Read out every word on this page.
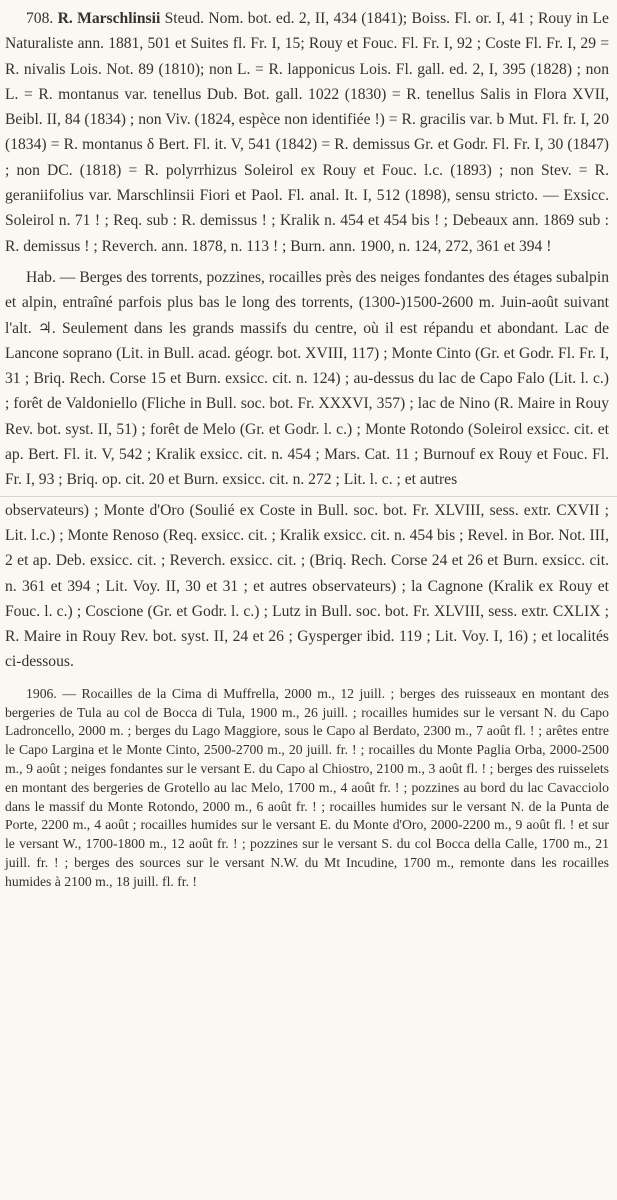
708. R. Marschlinsii Steud. Nom. bot. ed. 2, II, 434 (1841); Boiss. Fl. or. I, 41 ; Rouy in Le Naturaliste ann. 1881, 501 et Suites fl. Fr. I, 15; Rouy et Fouc. Fl. Fr. I, 92 ; Coste Fl. Fr. I, 29 = R. nivalis Lois. Not. 89 (1810); non L. = R. lapponicus Lois. Fl. gall. ed. 2, I, 395 (1828) ; non L. = R. montanus var. tenellus Dub. Bot. gall. 1022 (1830) = R. tenellus Salis in Flora XVII, Beibl. II, 84 (1834) ; non Viv. (1824, espèce non identifiée !) = R. gracilis var. b Mut. Fl. fr. I, 20 (1834) = R. montanus δ Bert. Fl. it. V, 541 (1842) = R. demissus Gr. et Godr. Fl. Fr. I, 30 (1847) ; non DC. (1818) = R. polyrrhizus Soleirol ex Rouy et Fouc. l.c. (1893) ; non Stev. = R. geraniifolius var. Marschlinsii Fiori et Paol. Fl. anal. It. I, 512 (1898), sensu stricto. — Exsicc. Soleirol n. 71 ! ; Req. sub : R. demissus ! ; Kralik n. 454 et 454 bis ! ; Debeaux ann. 1869 sub : R. demissus ! ; Reverch. ann. 1878, n. 113 ! ; Burn. ann. 1900, n. 124, 272, 361 et 394 !

Hab. — Berges des torrents, pozzines, rocailles près des neiges fondantes des étages subalpin et alpin, entraîné parfois plus bas le long des torrents, (1300-)1500-2600 m. Juin-août suivant l'alt. ♃. Seulement dans les grands massifs du centre, où il est répandu et abondant. Lac de Lancone soprano (Lit. in Bull. acad. géogr. bot. XVIII, 117) ; Monte Cinto (Gr. et Godr. Fl. Fr. I, 31 ; Briq. Rech. Corse 15 et Burn. exsicc. cit. n. 124) ; au-dessus du lac de Capo Falo (Lit. l. c.) ; forêt de Valdoniello (Fliche in Bull. soc. bot. Fr. XXXVI, 357) ; lac de Nino (R. Maire in Rouy Rev. bot. syst. II, 51) ; forêt de Melo (Gr. et Godr. l. c.) ; Monte Rotondo (Soleirol exsicc. cit. et ap. Bert. Fl. it. V, 542 ; Kralik exsicc. cit. n. 454 ; Mars. Cat. 11 ; Burnouf ex Rouy et Fouc. Fl. Fr. I, 93 ; Briq. op. cit. 20 et Burn. exsicc. cit. n. 272 ; Lit. l. c. ; et autres

observateurs) ; Monte d'Oro (Soulié ex Coste in Bull. soc. bot. Fr. XLVIII, sess. extr. CXVII ; Lit. l.c.) ; Monte Renoso (Req. exsicc. cit. ; Kralik exsicc. cit. n. 454 bis ; Revel. in Bor. Not. III, 2 et ap. Deb. exsicc. cit. ; Reverch. exsicc. cit. ; (Briq. Rech. Corse 24 et 26 et Burn. exsicc. cit. n. 361 et 394 ; Lit. Voy. II, 30 et 31 ; et autres observateurs) ; la Cagnone (Kralik ex Rouy et Fouc. l. c.) ; Coscione (Gr. et Godr. l. c.) ; Lutz in Bull. soc. bot. Fr. XLVIII, sess. extr. CXLIX ; R. Maire in Rouy Rev. bot. syst. II, 24 et 26 ; Gysperger ibid. 119 ; Lit. Voy. I, 16) ; et localités ci-dessous.

1906. — Rocailles de la Cima di Muffrella, 2000 m., 12 juill. ; berges des ruisseaux en montant des bergeries de Tula au col de Bocca di Tula, 1900 m., 26 juill. ; rocailles humides sur le versant N. du Capo Ladroncello, 2000 m. ; berges du Lago Maggiore, sous le Capo al Berdato, 2300 m., 7 août fl. ! ; arêtes entre le Capo Largina et le Monte Cinto, 2500-2700 m., 20 juill. fr. ! ; rocailles du Monte Paglia Orba, 2000-2500 m., 9 août ; neiges fondantes sur le versant E. du Capo al Chiostro, 2100 m., 3 août fl. ! ; berges des ruisselets en montant des bergeries de Grotello au lac Melo, 1700 m., 4 août fr. ! ; pozzines au bord du lac Cavacciolo dans le massif du Monte Rotondo, 2000 m., 6 août fr. ! ; rocailles humides sur le versant N. de la Punta de Porte, 2200 m., 4 août ; rocailles humides sur le versant E. du Monte d'Oro, 2000-2200 m., 9 août fl. ! et sur le versant W., 1700-1800 m., 12 août fr. ! ; pozzines sur le versant S. du col Bocca della Calle, 1700 m., 21 juill. fr. ! ; berges des sources sur le versant N.W. du Mt Incudine, 1700 m., remonte dans les rocailles humides à 2100 m., 18 juill. fl. fr. !
